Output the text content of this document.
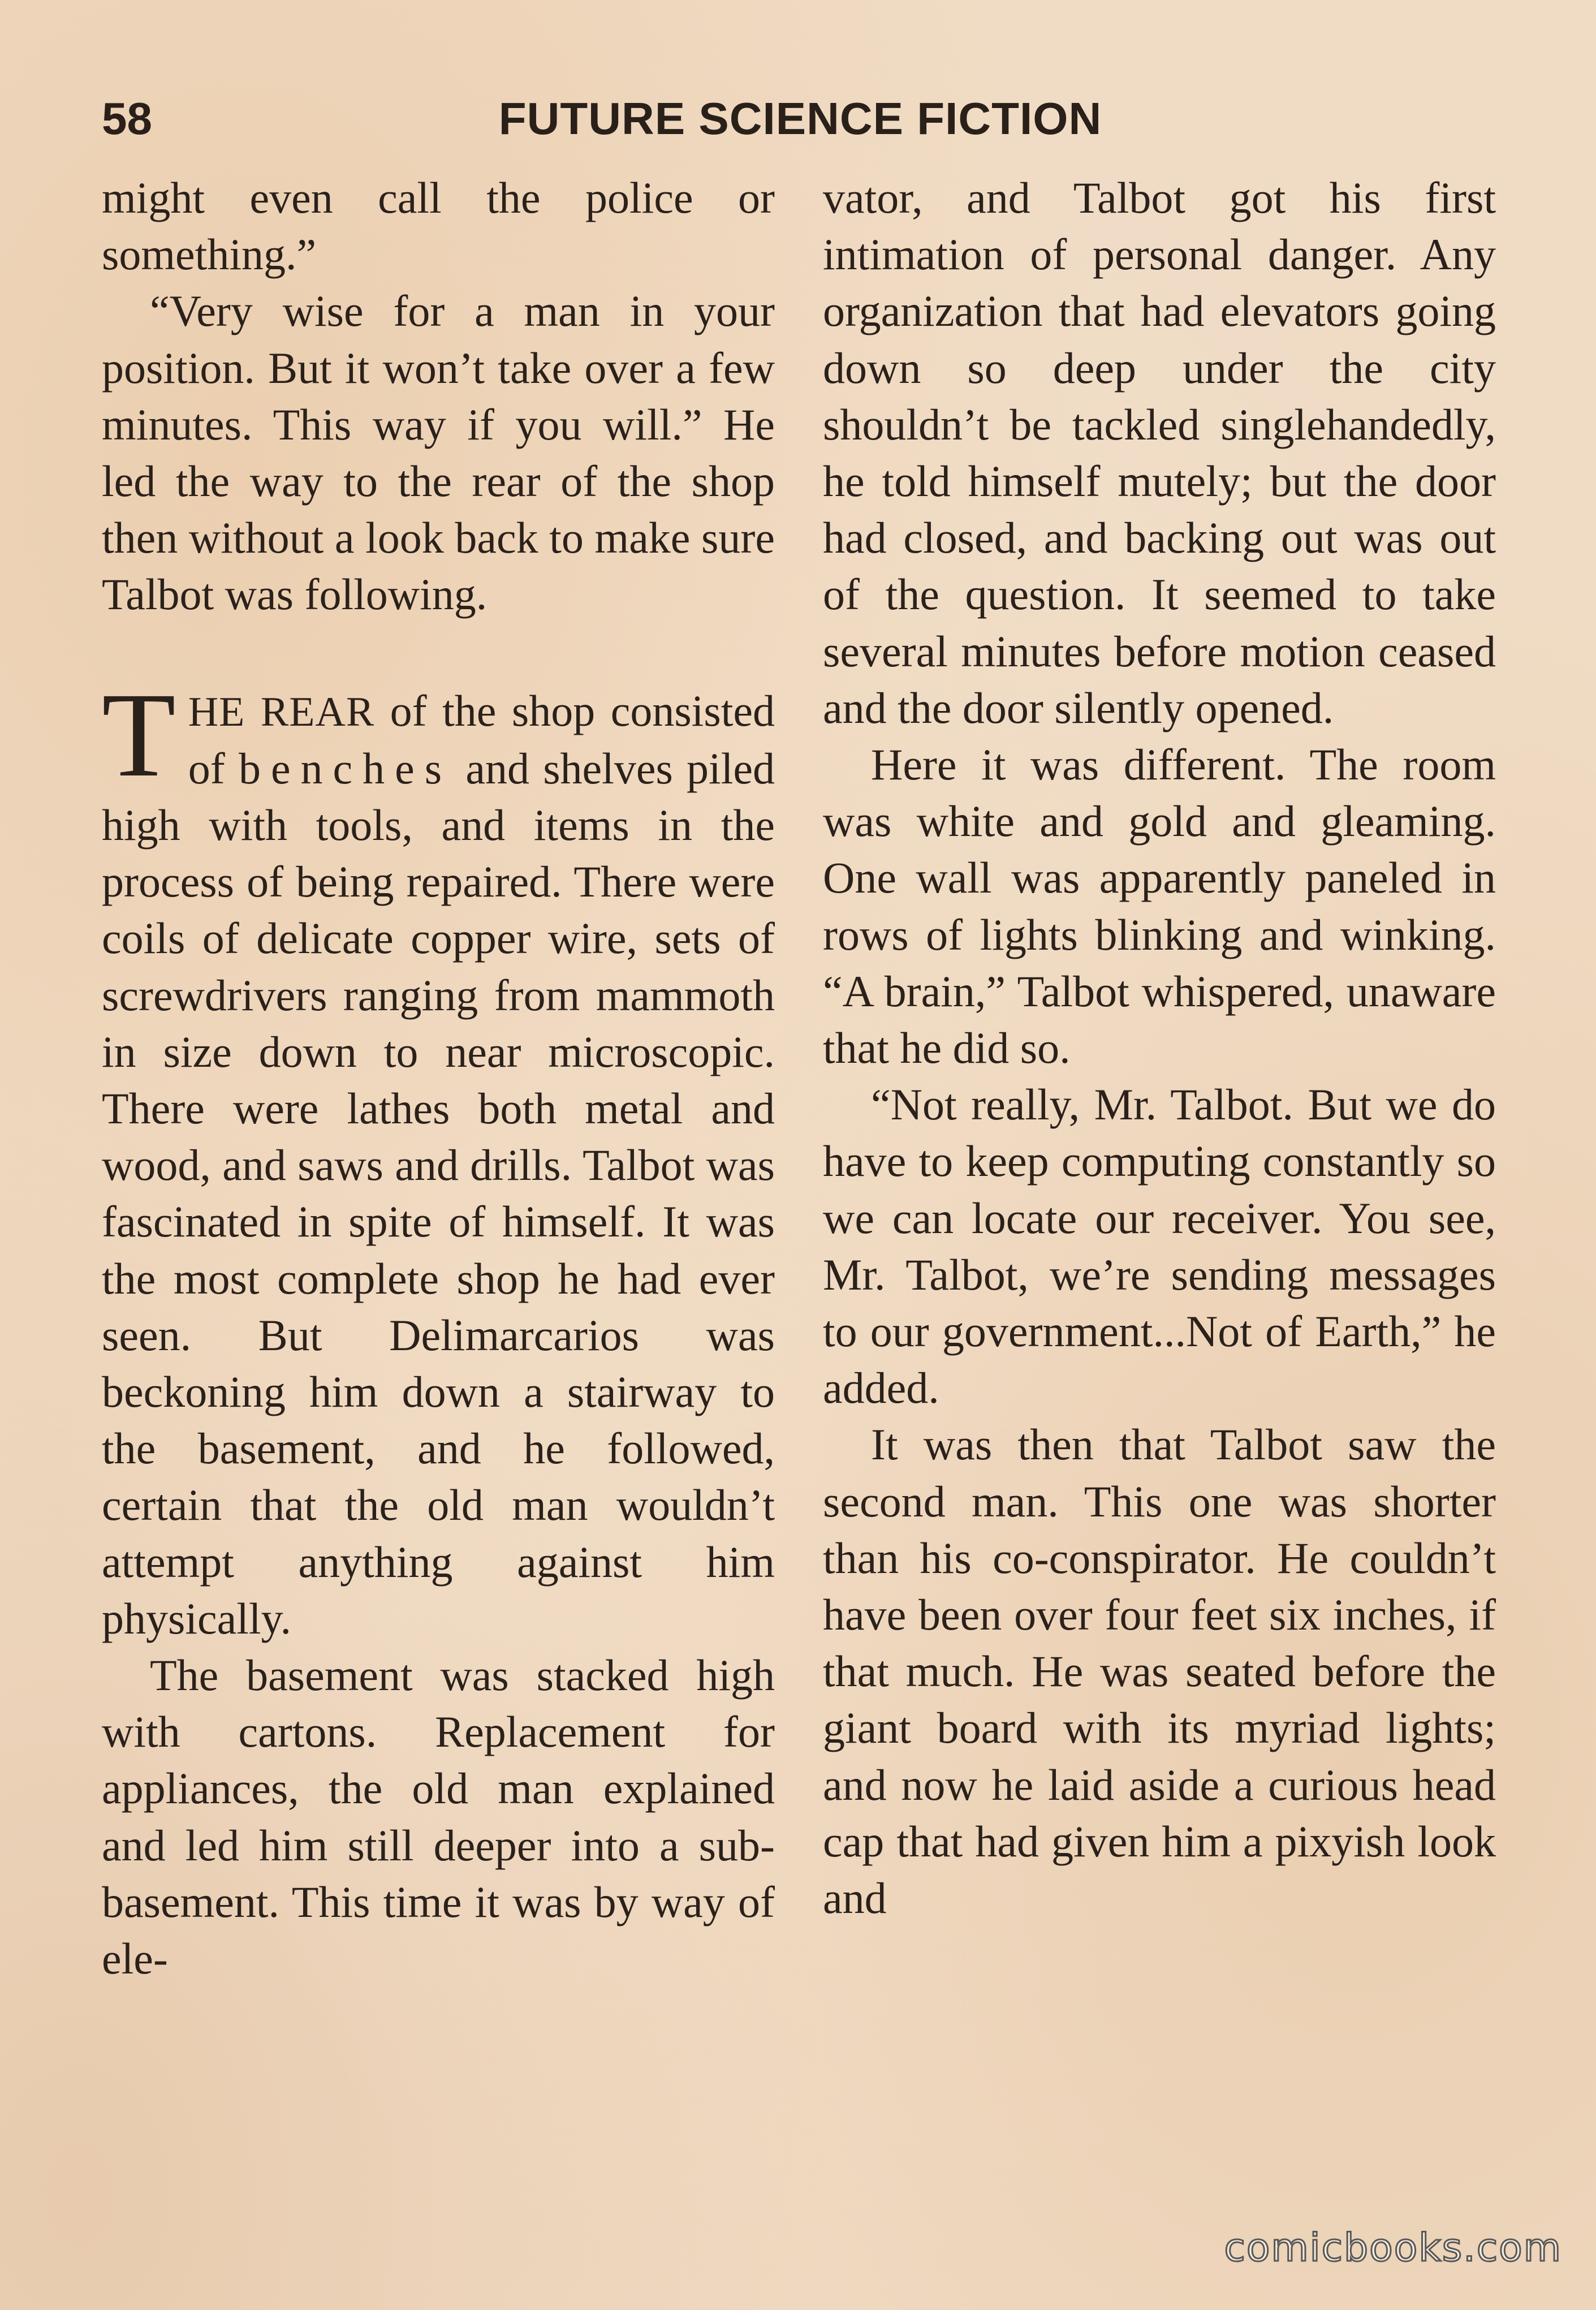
58	FUTURE SCIENCE FICTION

might even call the police or something.”

“Very wise for a man in your position. But it won’t take over a few minutes. This way if you will.” He led the way to the rear of the shop then without a look back to make sure Talbot was following.

THE REAR of the shop consisted of benches and shelves piled high with tools, and items in the process of being repaired. There were coils of delicate copper wire, sets of screwdrivers ranging from mammoth in size down to near microscopic. There were lathes both metal and wood, and saws and drills. Talbot was fascinated in spite of himself. It was the most complete shop he had ever seen. But Delimarcarios was beckoning him down a stairway to the basement, and he followed, certain that the old man wouldn’t attempt anything against him physically.

The basement was stacked high with cartons. Replacement for appliances, the old man explained and led him still deeper into a sub-basement. This time it was by way of ele-

vator, and Talbot got his first intimation of personal danger. Any organization that had elevators going down so deep under the city shouldn’t be tackled singlehandedly, he told himself mutely; but the door had closed, and backing out was out of the question. It seemed to take several minutes before motion ceased and the door silently opened.

Here it was different. The room was white and gold and gleaming. One wall was apparently paneled in rows of lights blinking and winking. “A brain,” Talbot whispered, unaware that he did so.

“Not really, Mr. Talbot. But we do have to keep computing constantly so we can locate our receiver. You see, Mr. Talbot, we’re sending messages to our government...Not of Earth,” he added.

It was then that Talbot saw the second man. This one was shorter than his co-conspirator. He couldn’t have been over four feet six inches, if that much. He was seated before the giant board with its myriad lights; and now he laid aside a curious head cap that had given him a pixyish look and

comicbooks.com
